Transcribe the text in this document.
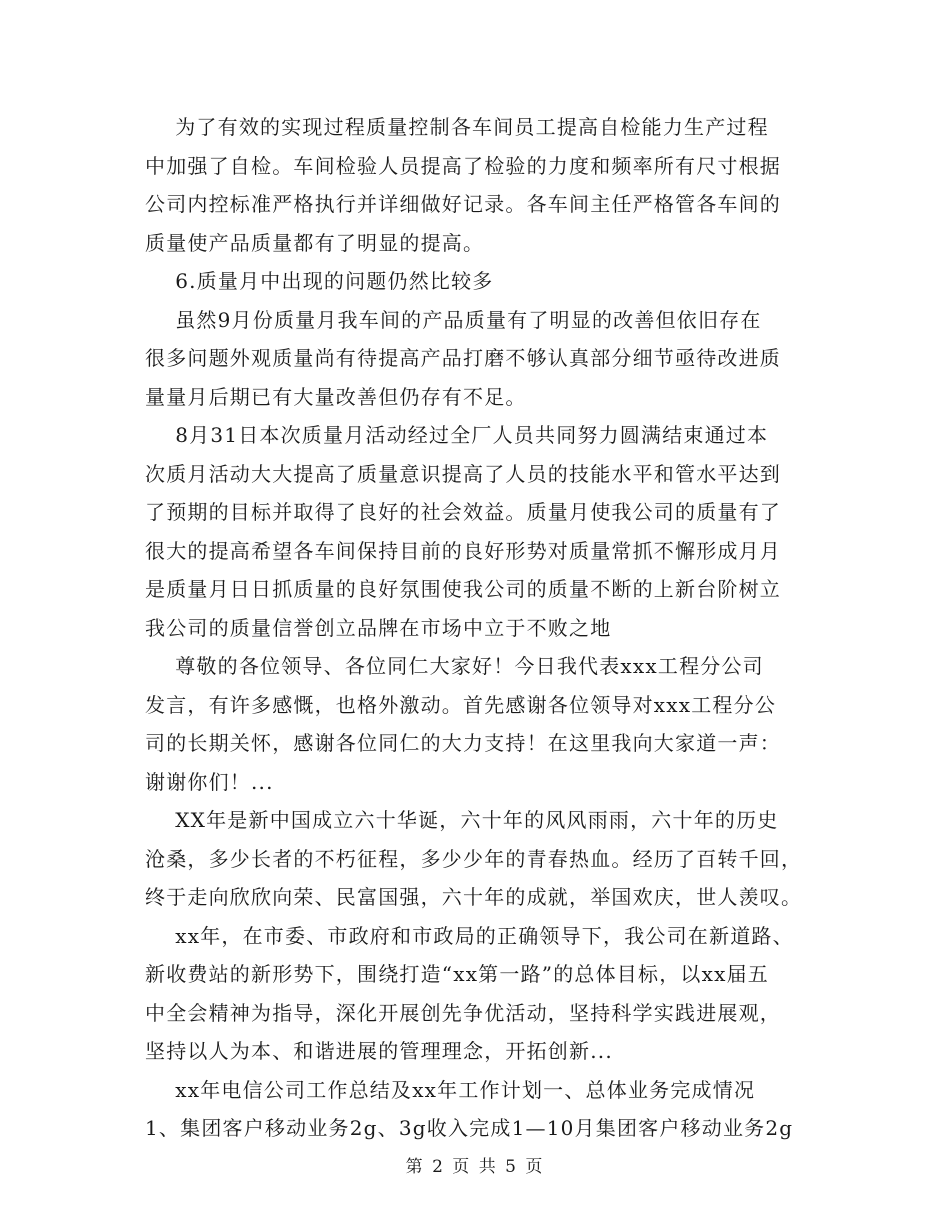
为了有效的实现过程质量控制各车间员工提高自检能力生产过程
中加强了自检。车间检验人员提高了检验的力度和频率所有尺寸根据
公司内控标准严格执行并详细做好记录。各车间主任严格管各车间的
质量使产品质量都有了明显的提高。

6.质量月中出现的问题仍然比较多

虽然9月份质量月我车间的产品质量有了明显的改善但依旧存在
很多问题外观质量尚有待提高产品打磨不够认真部分细节亟待改进质
量量月后期已有大量改善但仍存有不足。

8月31日本次质量月活动经过全厂人员共同努力圆满结束通过本
次质月活动大大提高了质量意识提高了人员的技能水平和管水平达到
了预期的目标并取得了良好的社会效益。质量月使我公司的质量有了
很大的提高希望各车间保持目前的良好形势对质量常抓不懈形成月月
是质量月日日抓质量的良好氛围使我公司的质量不断的上新台阶树立
我公司的质量信誉创立品牌在市场中立于不败之地

尊敬的各位领导、各位同仁大家好！今日我代表xxx工程分公司
发言，有许多感慨，也格外激动。首先感谢各位领导对xxx工程分公
司的长期关怀，感谢各位同仁的大力支持！在这里我向大家道一声：
谢谢你们！...

XX年是新中国成立六十华诞，六十年的风风雨雨，六十年的历史
沧桑，多少长者的不朽征程，多少少年的青春热血。经历了百转千回，
终于走向欣欣向荣、民富国强，六十年的成就，举国欢庆，世人羡叹。

xx年，在市委、市政府和市政局的正确领导下，我公司在新道路、
新收费站的新形势下，围绕打造“xx第一路”的总体目标，以xx届五
中全会精神为指导，深化开展创先争优活动，坚持科学实践进展观，
坚持以人为本、和谐进展的管理理念，开拓创新...

xx年电信公司工作总结及xx年工作计划一、总体业务完成情况
1、集团客户移动业务2g、3g收入完成1—10月集团客户移动业务2g

第 2 页 共 5 页
